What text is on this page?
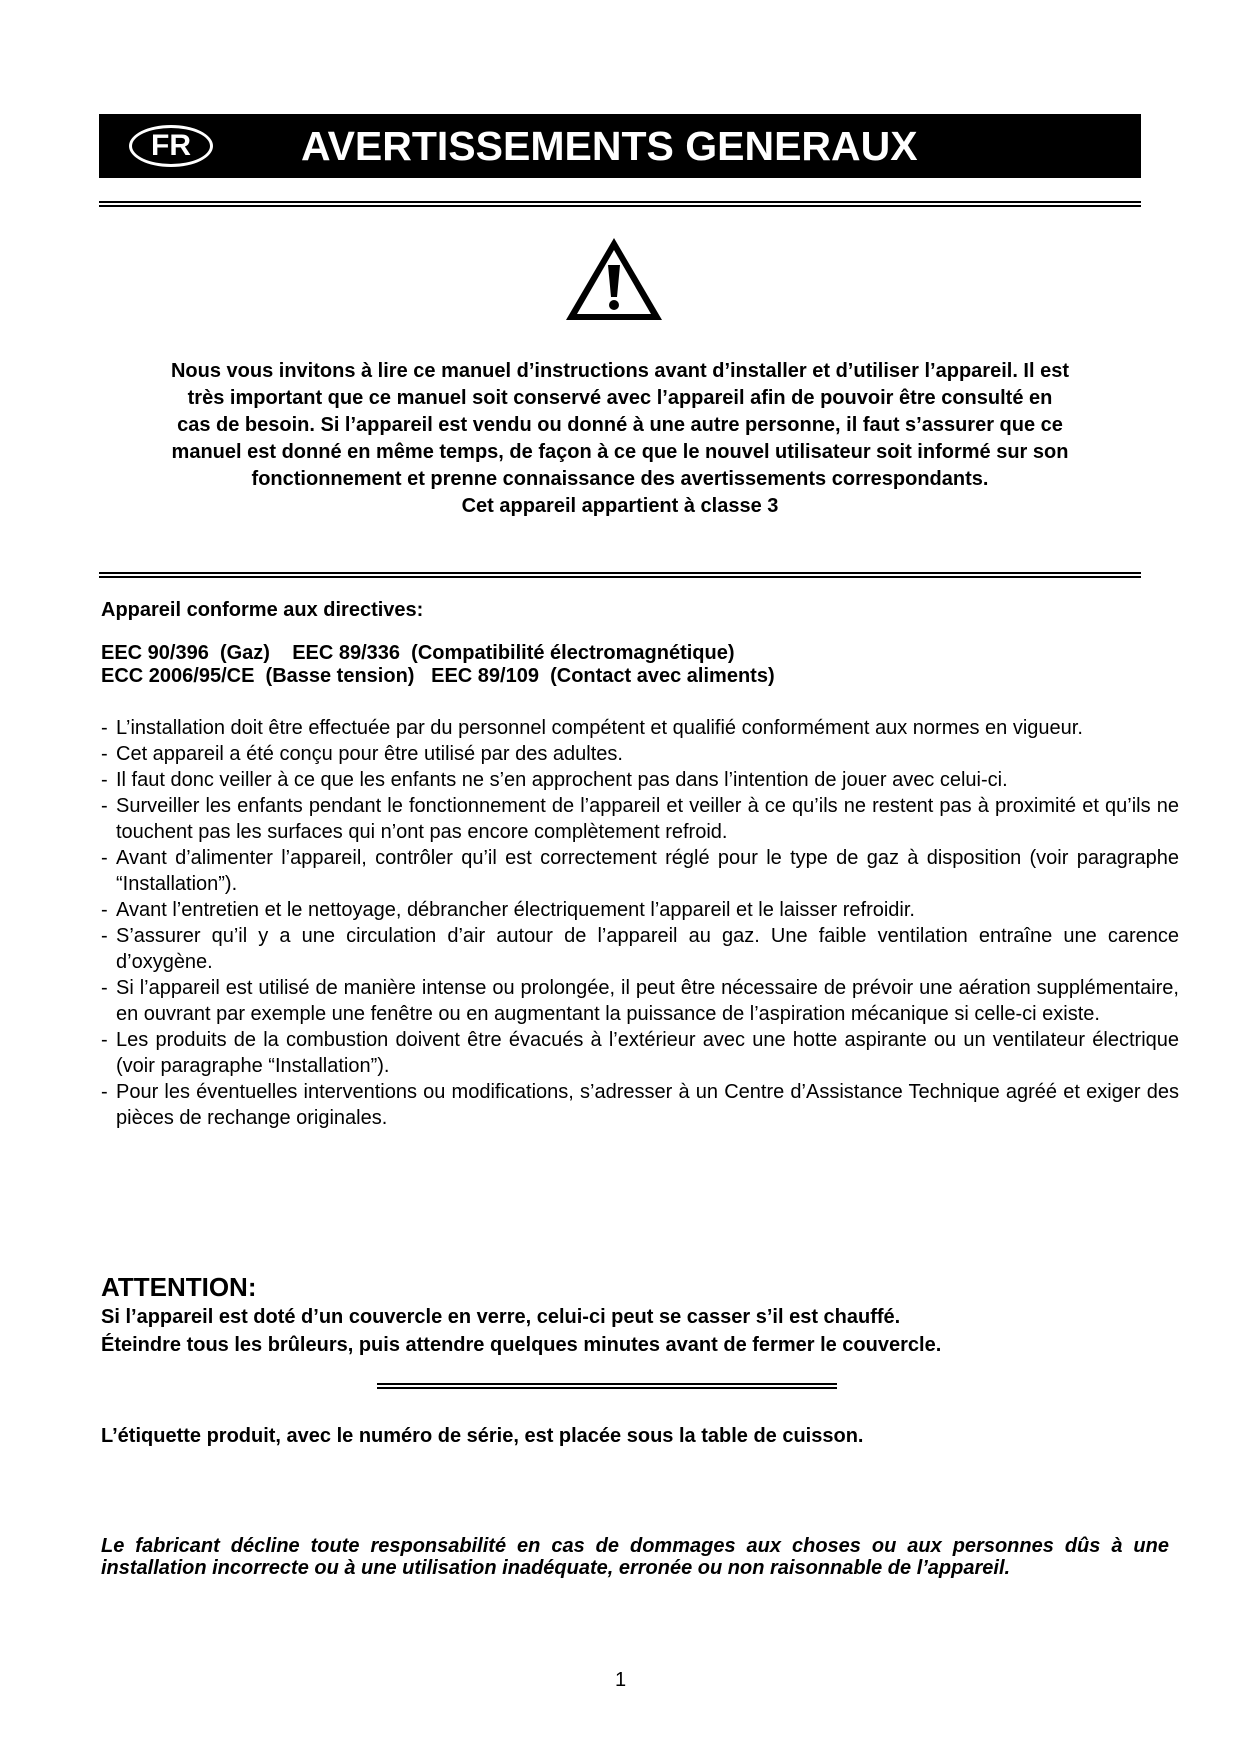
FR	AVERTISSEMENTS GENERAUX

Nous vous invitons à lire ce manuel d’instructions avant d’installer et d’utiliser l’appareil. Il est

très important que ce manuel soit conservé avec l’appareil afin de pouvoir être consulté en

cas de besoin. Si l’appareil est vendu ou donné à une autre personne, il faut s’assurer que ce

manuel est donné en même temps, de façon à ce que le nouvel utilisateur soit informé sur son

fonctionnement et prenne connaissance des avertissements correspondants.

Cet appareil appartient à classe 3

Appareil conforme aux directives:
EEC 90/396  (Gaz)    EEC 89/336  (Compatibilité électromagnétique)
ECC 2006/95/CE  (Basse tension)   EEC 89/109  (Contact avec aliments)
- L’installation doit être effectuée par du personnel compétent et qualifié conformément aux normes en vigueur.
- Cet appareil a été conçu pour être utilisé par des adultes.
- Il faut donc veiller à ce que les enfants ne s’en approchent pas dans l’intention de jouer avec celui-ci.
- Surveiller les enfants pendant le fonctionnement de l’appareil et veiller à ce qu’ils ne restent pas à proximité et qu’ils ne touchent pas les surfaces qui n’ont pas encore complètement refroid.
- Avant d’alimenter l’appareil, contrôler qu’il est correctement réglé pour le type de gaz à disposition (voir paragraphe “Installation”).
- Avant l’entretien et le nettoyage, débrancher électriquement l’appareil et le laisser refroidir.
- S’assurer qu’il y a une circulation d’air autour de l’appareil au gaz. Une faible ventilation entraîne une carence d’oxygène.
- Si l’appareil est utilisé de manière intense ou prolongée, il peut être nécessaire de prévoir une aération supplémentaire, en ouvrant par exemple une fenêtre ou en augmentant la puissance de l’aspiration mécanique si celle-ci existe.
- Les produits de la combustion doivent être évacués à l’extérieur avec une hotte aspirante ou un ventilateur électrique (voir paragraphe “Installation”).
- Pour les éventuelles interventions ou modifications, s’adresser à un Centre d’Assistance Technique agréé et exiger des pièces de rechange originales.
ATTENTION:

Si l’appareil est doté d’un couvercle en verre, celui-ci peut se casser s’il est chauffé.

Éteindre tous les brûleurs, puis attendre quelques minutes avant de fermer le couvercle.

L’étiquette produit, avec le numéro de série, est placée sous la table de cuisson.
Le fabricant décline toute responsabilité en cas de dommages aux choses ou aux personnes dûs à une installation incorrecte ou à une utilisation inadéquate, erronée ou non raisonnable de l’appareil.
1
